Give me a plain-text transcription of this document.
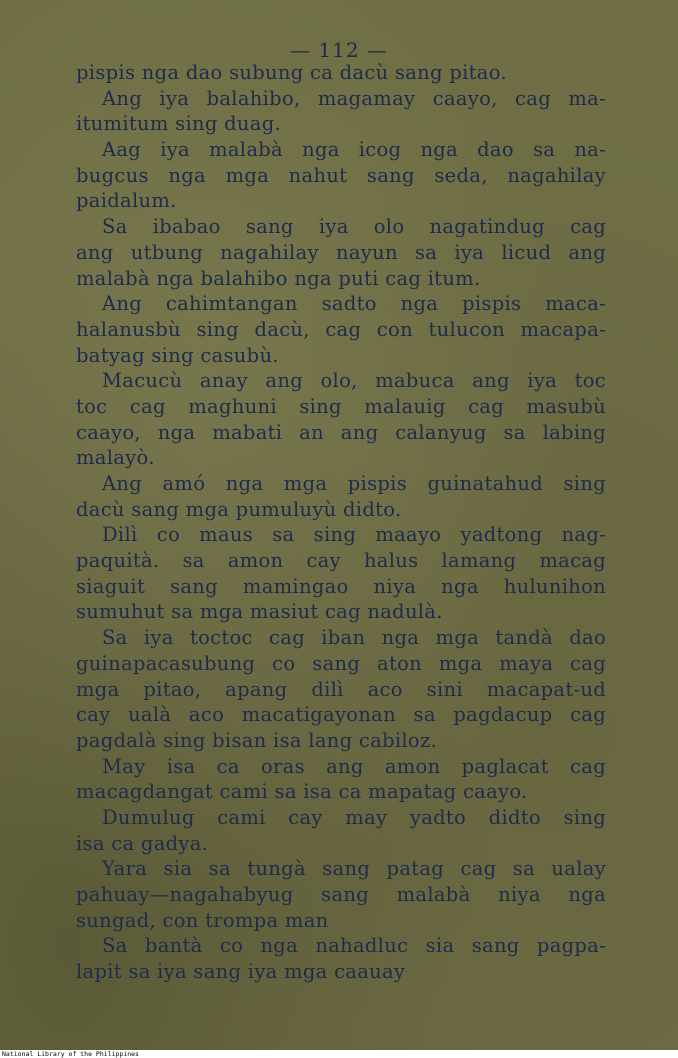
— 112 —
pispis nga dao subung ca dacù sang pitao.
Ang iya balahibo, magamay caayo, cag ma-
itumitum sing duag.
Aag iya malabà nga icog nga dao sa na-
bugcus nga mga nahut sang seda, nagahilay
paidalum.
Sa ibabao sang iya olo nagatindug cag
ang utbung nagahilay nayun sa iya licud ang
malabà nga balahibo nga puti cag itum.
Ang cahimtangan sadto nga pispis maca-
halanusbù sing dacù, cag con tulucon macapa-
batyag sing casubù.
Macucù anay ang olo, mabuca ang iya toc
toc cag maghuni sing malauig cag masubù
caayo, nga mabati an ang calanyug sa labing
malayò.
Ang amó nga mga pispis guinatahud sing
dacù sang mga pumuluyù didto.
Dilì co maus sa sing maayo yadtong nag-
paquità. sa amon cay halus lamang macag
siaguit sang mamingao niya nga hulunihon
sumuhut sa mga masiut cag nadulà.
Sa iya toctoc cag iban nga mga tandà dao
guinapacasubung co sang aton mga maya cag
mga pitao, apang dilì aco sini macapat-ud
cay ualà aco macatigayonan sa pagdacup cag
pagdalà sing bisan isa lang cabiloz.
May isa ca oras ang amon paglacat cag
macagdangat cami sa isa ca mapatag caayo.
Dumulug cami cay may yadto didto sing
isa ca gadya.
Yara sia sa tungà sang patag cag sa ualay
pahuay—nagahabyug sang malabà niya nga
sungad, con trompa man
Sa bantà co nga nahadluc sia sang pagpa-
lapit sa iya sang iya mga caauay
National Library of the Philippines
